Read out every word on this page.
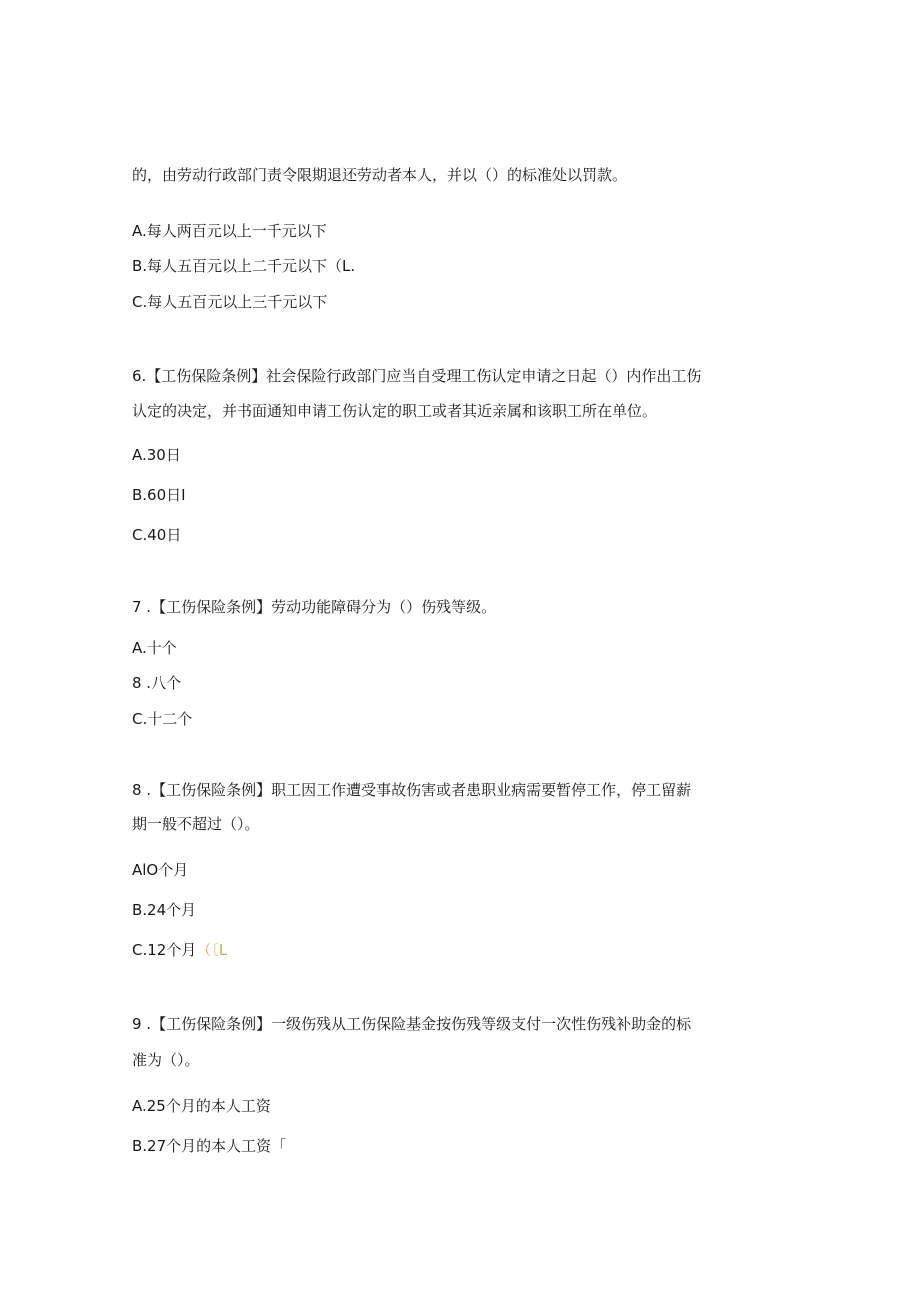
的，由劳动行政部门责令限期退还劳动者本人，并以（）的标准处以罚款。
A.每人两百元以上一千元以下
B.每人五百元以上二千元以下（L.
C.每人五百元以上三千元以下
6.【工伤保险条例】社会保险行政部门应当自受理工伤认定申请之日起（）内作出工伤
认定的决定，并书面通知申请工伤认定的职工或者其近亲属和该职工所在单位。
A.30日
B.60日I
C.40日
7 .【工伤保险条例】劳动功能障碍分为（）伤残等级。
A.十个
8 .八个
C.十二个
8 .【工伤保险条例】职工因工作遭受事故伤害或者患职业病需要暂停工作，停工留薪
期一般不超过（）。
AlO个月
B.24个月
C.12个月（〔L
9 .【工伤保险条例】一级伤残从工伤保险基金按伤残等级支付一次性伤残补助金的标
准为（）。
A.25个月的本人工资
B.27个月的本人工资「
